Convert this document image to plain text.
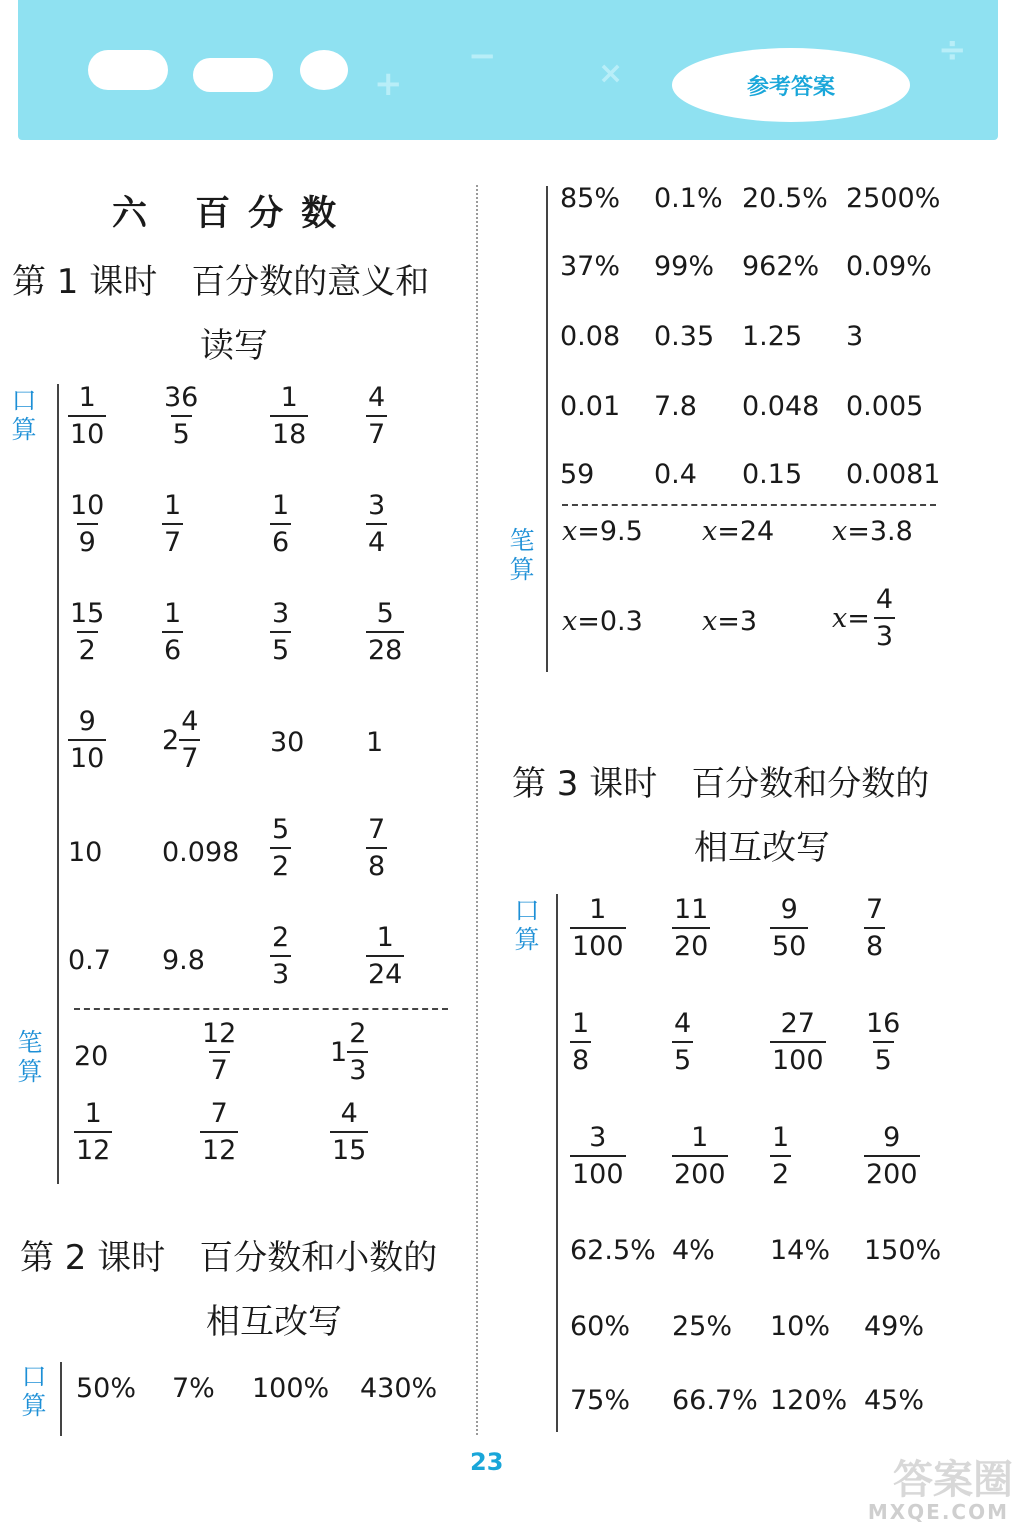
+
−	×
÷
参考答案
六 百分数
第 1 课时　百分数的意义和
读写
第 2 课时　百分数和小数的
相互改写
第 3 课时　百分数和分数的
相互改写
口
算
笔
算
口
算
笔
算
口
算
$\frac{1}{10} \frac{36}{5}$	$\frac{1}{18} \frac{4}{7}$
$\frac{10}{9} \frac{1}{7}$	$\frac{1}{6}$	$\frac{3}{4}$
$\frac{15}{2} \frac{1}{6}$	$\frac{3}{5}$	$\frac{5}{28}$
$\frac{9}{10} 2 \frac{4}{7}$	30 1
10 $0.098 \frac{5}{2}$	$\frac{7}{8}$
0.7 $9.8 \frac{2}{3}$	$\frac{1}{24}$
20	$\frac{12}{7}$	$1 \frac{2}{3}$
$\frac{1}{12}$	$\frac{7}{12}$	$\frac{4}{15}$
50% 7% 100% 430%
85% 0.1% 20.5% 2500%
37% 99% 962% 0.09%
0.08 0.35 1.25 3
0.01 7.8 0.048 0.005
59 0.4 0.15 0.0081
x =9.5 x =24 x =3.8
x =0.3 x =3	$x = \frac{4}{3}$
$\frac{1}{100} \frac{11}{20} \frac{9}{50} \frac{7}{8}$
$\frac{1}{8}$	$\frac{4}{5}$	$\frac{27}{100} \frac{16}{5}$
$\frac{3}{100} \frac{1}{200} \frac{1}{2}$	$\frac{9}{200}$
62.5% 4% 14% 150%
60% 25% 10% 49%
75% 66.7% 120% 45%
23	答案圈
MXQE.COM
